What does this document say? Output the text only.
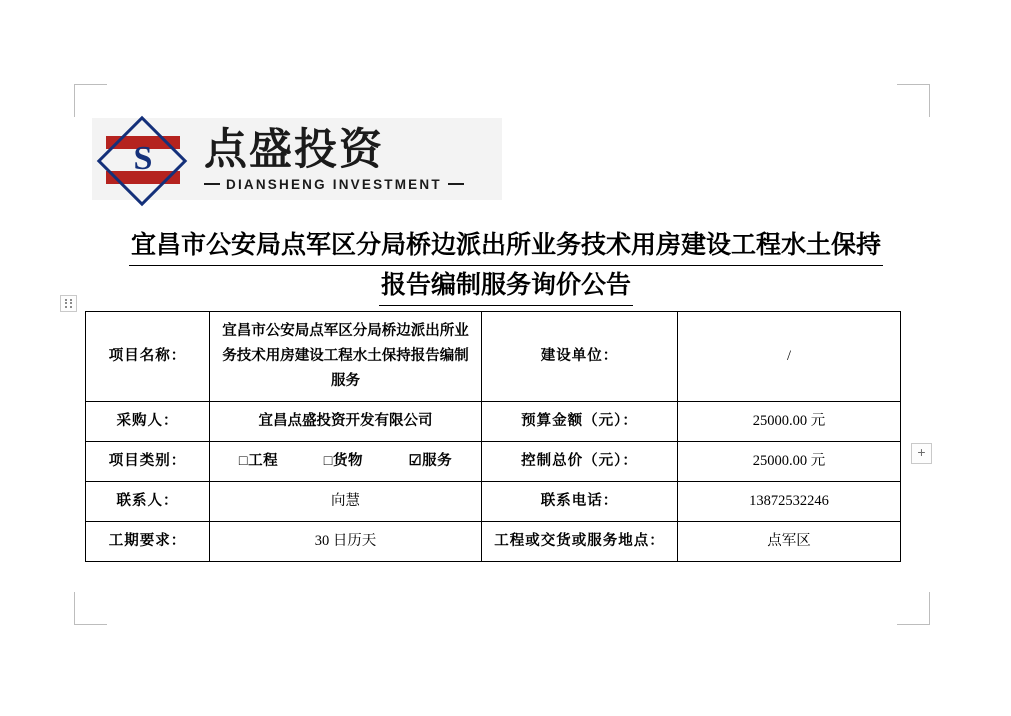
S 点盛投资
DIANSHENG INVESTMENT
宜昌市公安局点军区分局桥边派出所业务技术用房建设工程水土保持
报告编制服务询价公告
+
项目名称：	宜昌市公安局点军区分局桥边派出所业务技术用房建设工程水土保持报告编制服务	建设单位：	/
采购人：	宜昌点盛投资开发有限公司	预算金额（元）：	25000.00 元
项目类别：	□工程 □货物 ☑服务	控制总价（元）：	25000.00 元
联系人：	向慧	联系电话：	13872532246
工期要求：	30 日历天	工程或交货或服务地点：	点军区
